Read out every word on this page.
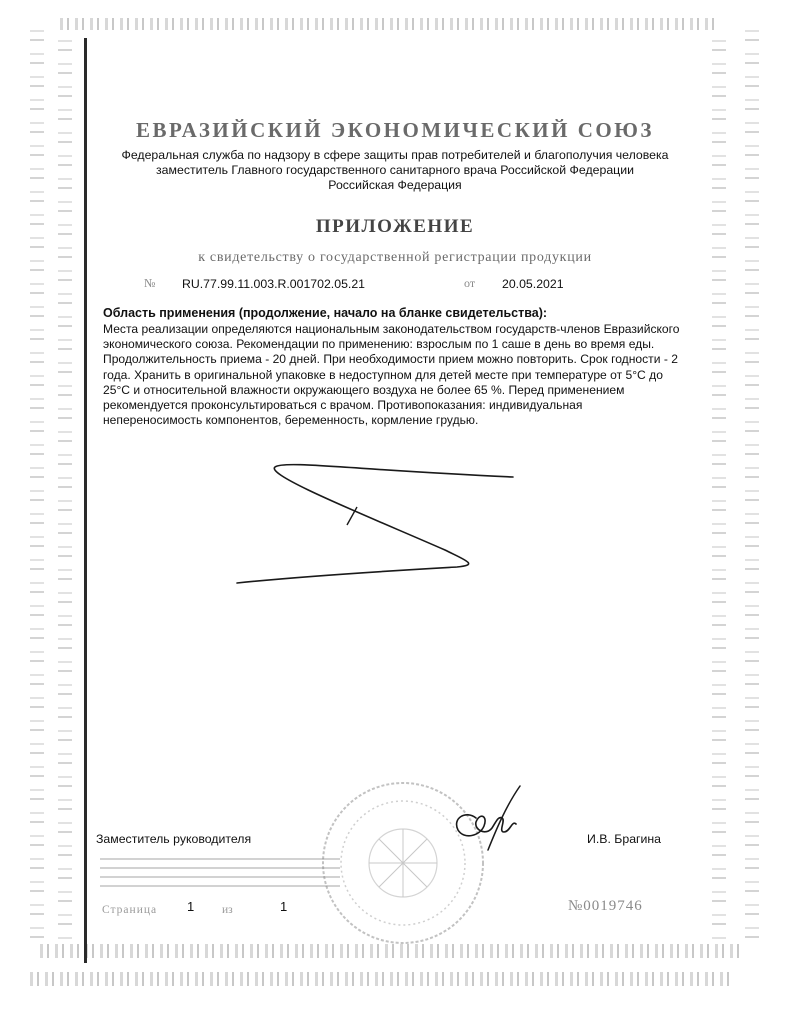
ЕВРАЗИЙСКИЙ ЭКОНОМИЧЕСКИЙ СОЮЗ
Федеральная служба по надзору в сфере защиты прав потребителей и благополучия человека
заместитель Главного государственного санитарного врача Российской Федерации
Российская Федерация
ПРИЛОЖЕНИЕ
к свидетельству о государственной регистрации продукции
№ RU.77.99.11.003.R.001702.05.21	от 20.05.2021
Область применения (продолжение, начало на бланке свидетельства):
Места реализации определяются национальным законодательством государств-членов Евразийского экономического союза. Рекомендации по применению: взрослым по 1 саше в день во время еды. Продолжительность приема - 20 дней. При необходимости прием можно повторить. Срок годности - 2 года. Хранить в оригинальной упаковке в недоступном для детей месте при температуре от 5°C до 25°C и относительной влажности окружающего воздуха не более 65 %. Перед применением рекомендуется проконсультироваться с врачом. Противопоказания: индивидуальная непереносимость компонентов, беременность, кормление грудью.
Заместитель руководителя	И.В. Брагина
Страница 1 из	1	№0019746
